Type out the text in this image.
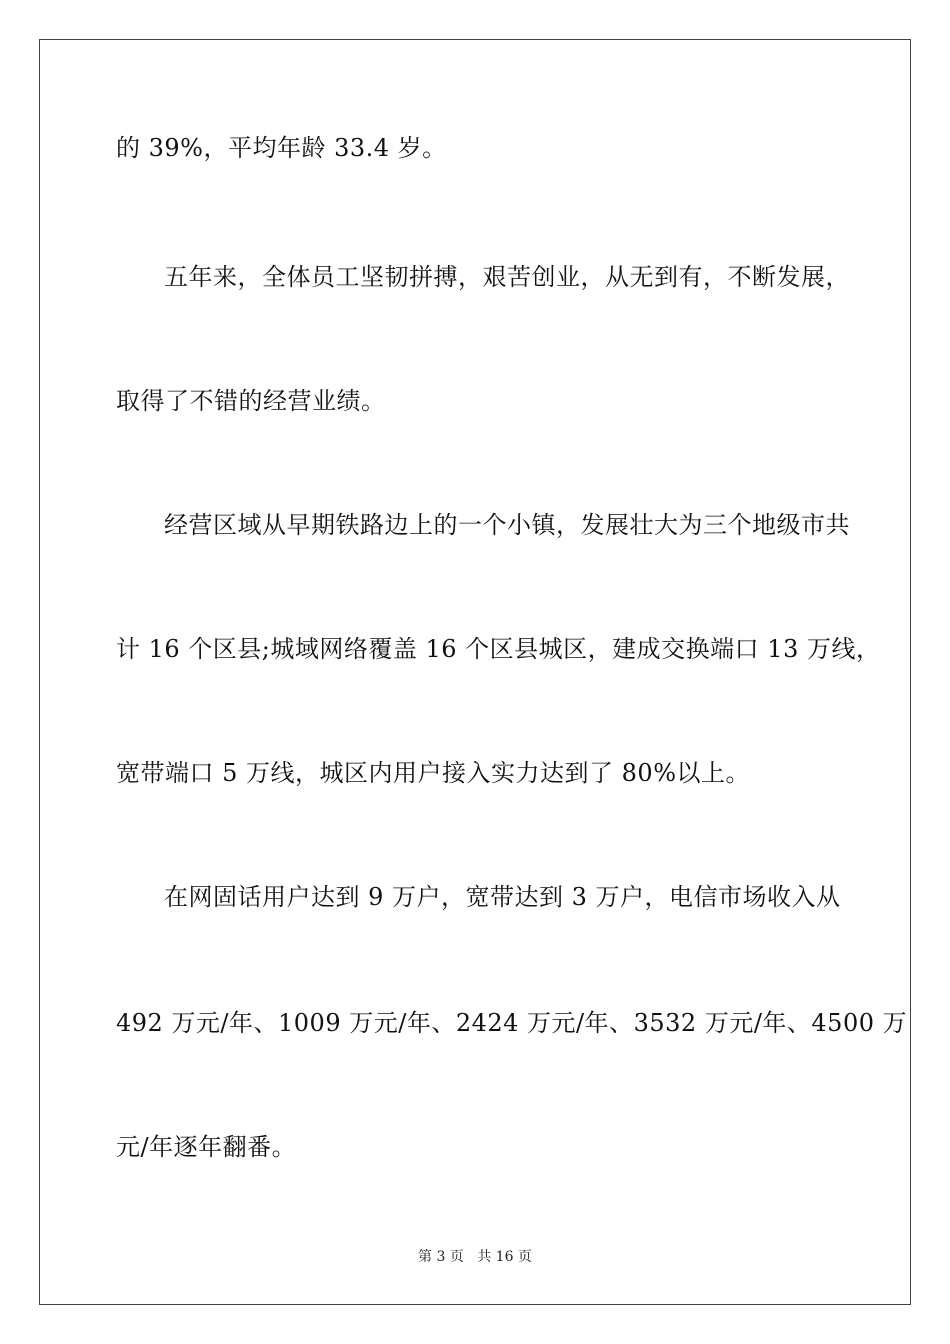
的 39%，平均年龄 33.4 岁。
五年来，全体员工坚韧拼搏，艰苦创业，从无到有，不断发展，
取得了不错的经营业绩。
经营区域从早期铁路边上的一个小镇，发展壮大为三个地级市共
计 16 个区县;城域网络覆盖 16 个区县城区，建成交换端口 13 万线，
宽带端口 5 万线，城区内用户接入实力达到了 80%以上。
在网固话用户达到 9 万户，宽带达到 3 万户，电信市场收入从
492 万元/年、1009 万元/年、2424 万元/年、3532 万元/年、4500 万
元/年逐年翻番。
第 3 页 共 16 页
